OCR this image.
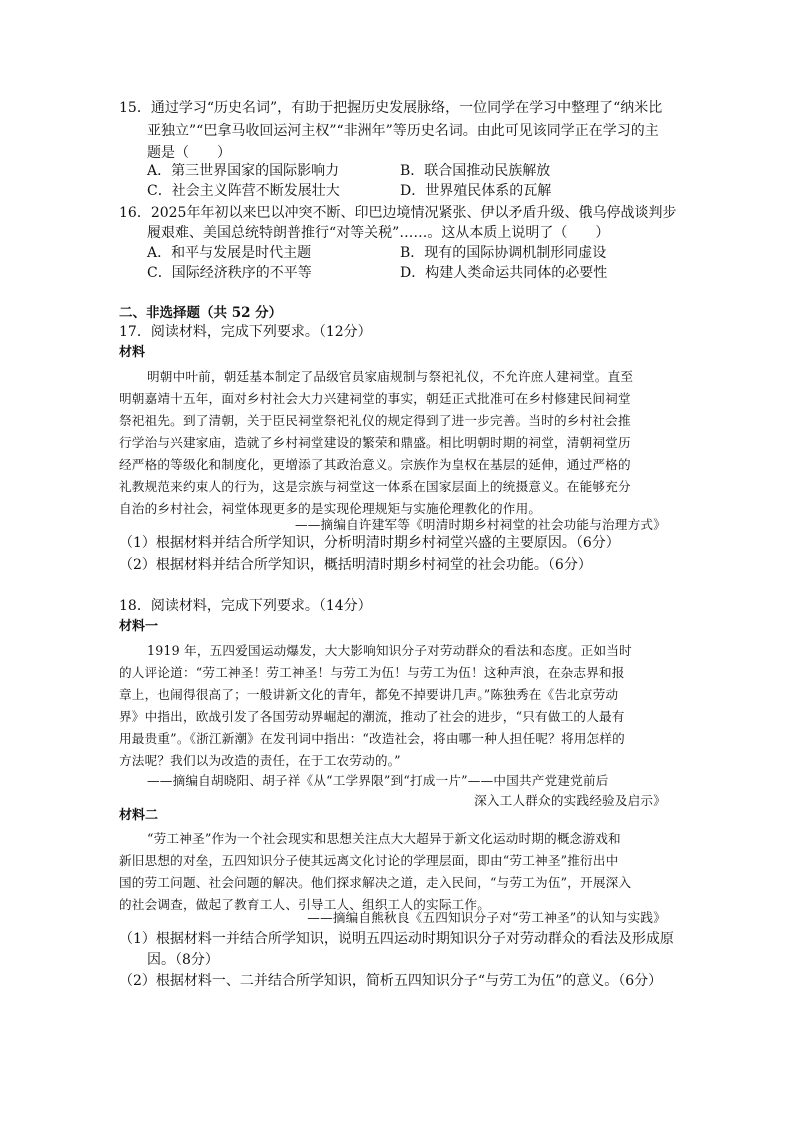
15．通过学习“历史名词”，有助于把握历史发展脉络，一位同学在学习中整理了“纳米比
亚独立”“巴拿马收回运河主权”“非洲年”等历史名词。由此可见该同学正在学习的主
题是（　　）
A．第三世界国家的国际影响力	B．联合国推动民族解放
C．社会主义阵营不断发展壮大	D．世界殖民体系的瓦解
16．2025年年初以来巴以冲突不断、印巴边境情况紧张、伊以矛盾升级、俄乌停战谈判步
履艰难、美国总统特朗普推行“对等关税”……。这从本质上说明了（　　）
A．和平与发展是时代主题	B．现有的国际协调机制形同虚设
C．国际经济秩序的不平等	D．构建人类命运共同体的必要性
二、非选择题（共 52 分）
17．阅读材料，完成下列要求。（12分）
材料
明朝中叶前，朝廷基本制定了品级官员家庙规制与祭祀礼仪，不允许庶人建祠堂。直至
明朝嘉靖十五年，面对乡村社会大力兴建祠堂的事实，朝廷正式批准可在乡村修建民间祠堂
祭祀祖先。到了清朝，关于臣民祠堂祭祀礼仪的规定得到了进一步完善。当时的乡村社会推
行学治与兴建家庙，造就了乡村祠堂建设的繁荣和鼎盛。相比明朝时期的祠堂，清朝祠堂历
经严格的等级化和制度化，更增添了其政治意义。宗族作为皇权在基层的延伸，通过严格的
礼教规范来约束人的行为，这是宗族与祠堂这一体系在国家层面上的统摄意义。在能够充分
自治的乡村社会，祠堂体现更多的是实现伦理规矩与实施伦理教化的作用。
——摘编自许建军等《明清时期乡村祠堂的社会功能与治理方式》
（1）根据材料并结合所学知识，分析明清时期乡村祠堂兴盛的主要原因。（6分）
（2）根据材料并结合所学知识，概括明清时期乡村祠堂的社会功能。（6分）
18．阅读材料，完成下列要求。（14分）
材料一
1919 年，五四爱国运动爆发，大大影响知识分子对劳动群众的看法和态度。正如当时
的人评论道：“劳工神圣！劳工神圣！与劳工为伍！与劳工为伍！这种声浪，在杂志界和报
章上，也闹得很高了；一般讲新文化的青年，都免不掉要讲几声。”陈独秀在《告北京劳动
界》中指出，欧战引发了各国劳动界崛起的潮流，推动了社会的进步，“只有做工的人最有
用最贵重”。《浙江新潮》在发刊词中指出：“改造社会，将由哪一种人担任呢？将用怎样的
方法呢？我们以为改造的责任，在于工农劳动的。”
——摘编自胡晓阳、胡子祥《从“工学界限”到“打成一片”——中国共产党建党前后
深入工人群众的实践经验及启示》
材料二
“劳工神圣”作为一个社会现实和思想关注点大大超异于新文化运动时期的概念游戏和
新旧思想的对垒，五四知识分子使其远离文化讨论的学理层面，即由“劳工神圣”推衍出中
国的劳工问题、社会问题的解决。他们探求解决之道，走入民间，“与劳工为伍”，开展深入
的社会调查，做起了教育工人、引导工人、组织工人的实际工作。
——摘编自熊秋良《五四知识分子对“劳工神圣”的认知与实践》
（1）根据材料一并结合所学知识，说明五四运动时期知识分子对劳动群众的看法及形成原
因。（8分）
（2）根据材料一、二并结合所学知识，简析五四知识分子“与劳工为伍”的意义。（6分）
